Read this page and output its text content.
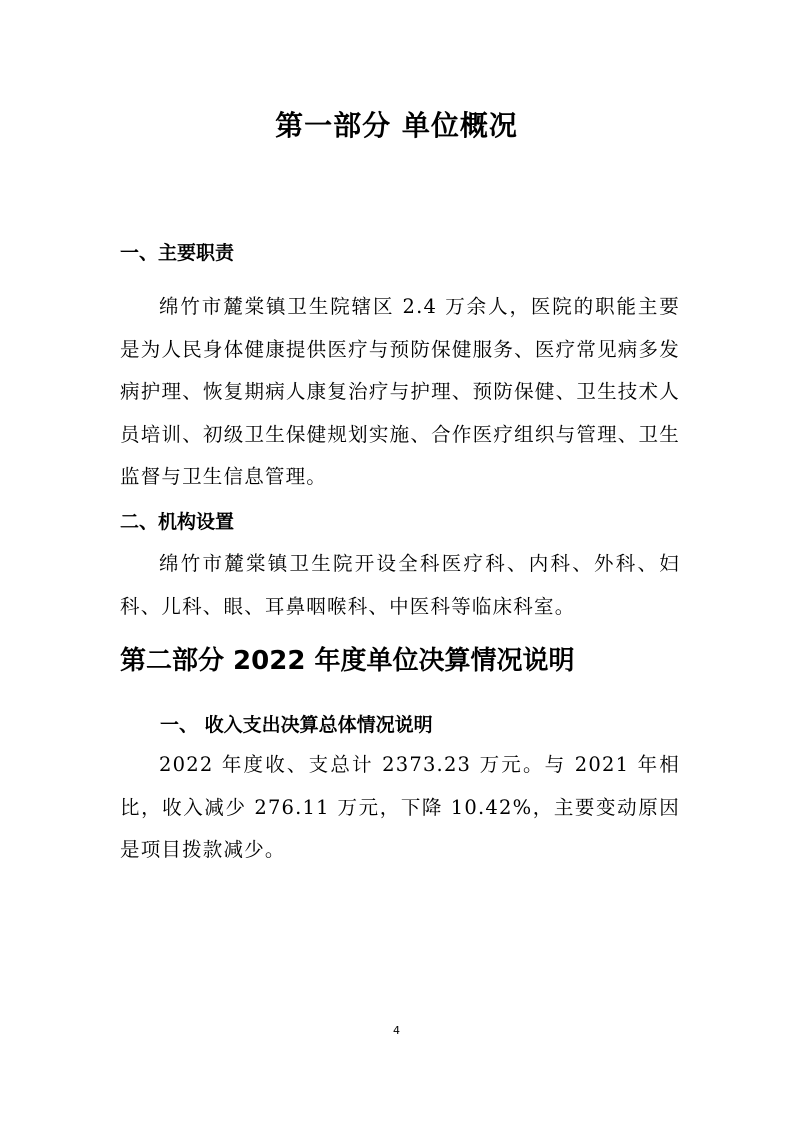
第一部分 单位概况
一、主要职责
绵竹市麓棠镇卫生院辖区 2.4 万余人，医院的职能主要是为人民身体健康提供医疗与预防保健服务、医疗常见病多发病护理、恢复期病人康复治疗与护理、预防保健、卫生技术人员培训、初级卫生保健规划实施、合作医疗组织与管理、卫生监督与卫生信息管理。
二、机构设置
绵竹市麓棠镇卫生院开设全科医疗科、内科、外科、妇科、儿科、眼、耳鼻咽喉科、中医科等临床科室。
第二部分 2022 年度单位决算情况说明
一、 收入支出决算总体情况说明
2022 年度收、支总计 2373.23 万元。与 2021 年相比，收入减少 276.11 万元，下降 10.42%，主要变动原因是项目拨款减少。
4
